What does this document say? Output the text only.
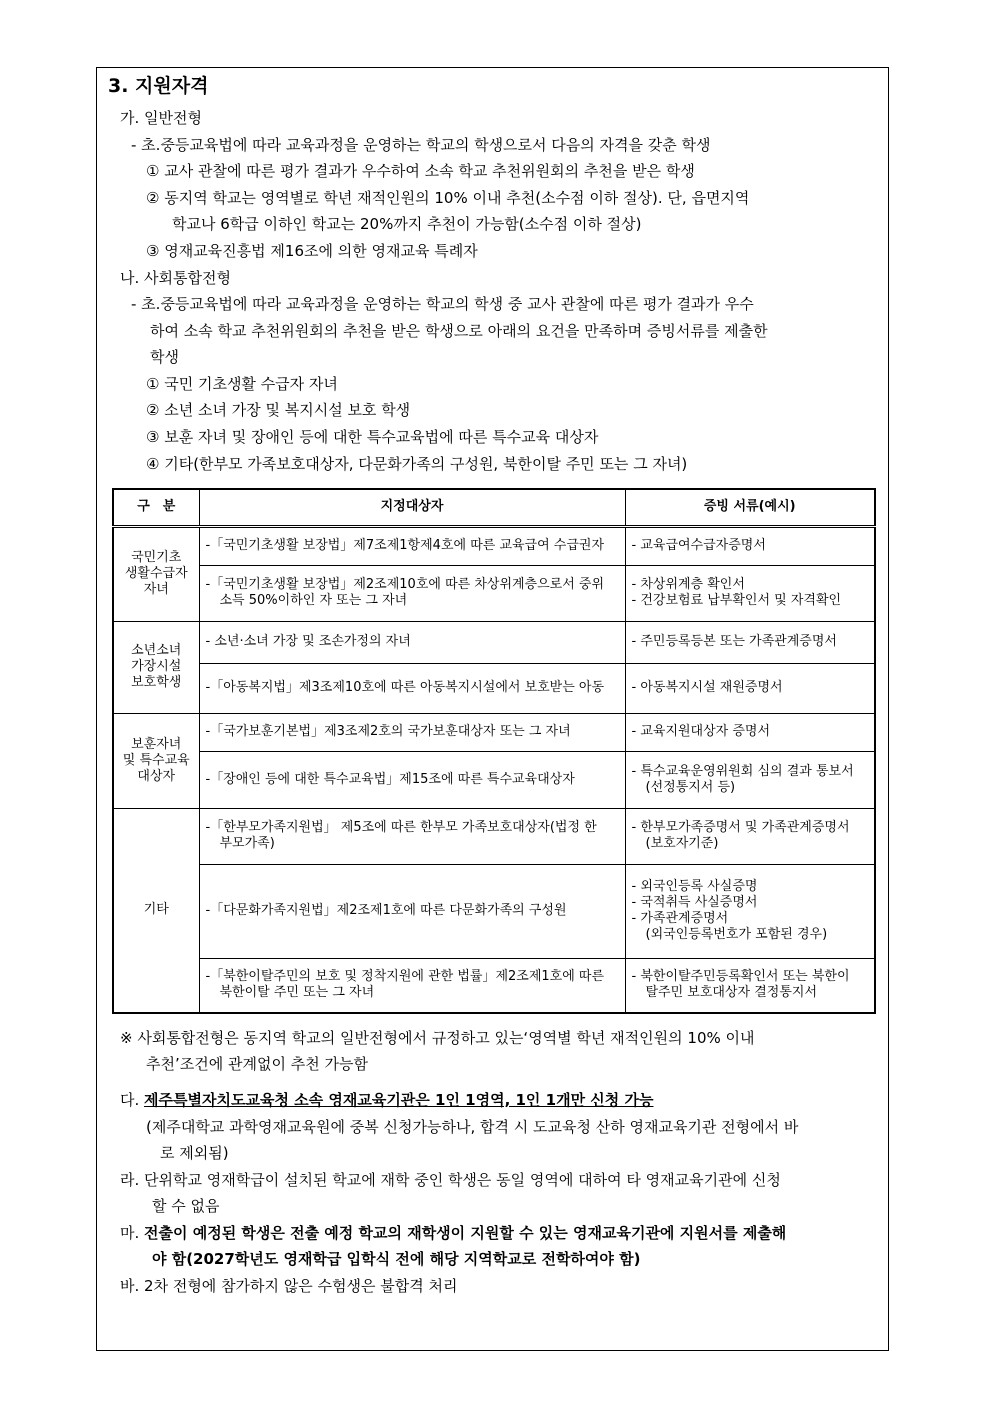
3. 지원자격
가. 일반전형
- 초.중등교육법에 따라 교육과정을 운영하는 학교의 학생으로서 다음의 자격을 갖춘 학생
① 교사 관찰에 따른 평가 결과가 우수하여 소속 학교 추천위원회의 추천을 받은 학생
② 동지역 학교는 영역별로 학년 재적인원의 10% 이내 추천(소수점 이하 절상). 단, 읍면지역
학교나 6학급 이하인 학교는 20%까지 추천이 가능함(소수점 이하 절상)
③ 영재교육진흥법 제16조에 의한 영재교육 특례자
나. 사회통합전형
- 초.중등교육법에 따라 교육과정을 운영하는 학교의 학생 중 교사 관찰에 따른 평가 결과가 우수
하여 소속 학교 추천위원회의 추천을 받은 학생으로 아래의 요건을 만족하며 증빙서류를 제출한
학생
① 국민 기초생활 수급자 자녀
② 소년 소녀 가장 및 복지시설 보호 학생
③ 보훈 자녀 및 장애인 등에 대한 특수교육법에 따른 특수교육 대상자
④ 기타(한부모 가족보호대상자, 다문화가족의 구성원, 북한이탈 주민 또는 그 자녀)
구　분	지정대상자	증빙 서류(예시)

국민기초
생활수급자
자녀	-「국민기초생활 보장법」제7조제1항제4호에 따른 교육급여 수급권자	- 교육급여수급자증명서

	-「국민기초생활 보장법」제2조제10호에 따른 차상위계층으로서 중위
소득 50%이하인 자 또는 그 자녀	- 차상위계층 확인서
- 건강보험료 납부확인서 및 자격확인

소년소녀
가장시설
보호학생	- 소년·소녀 가장 및 조손가정의 자녀	- 주민등록등본 또는 가족관계증명서

	-「아동복지법」제3조제10호에 따른 아동복지시설에서 보호받는 아동	- 아동복지시설 재원증명서

보훈자녀
및 특수교육
대상자	-「국가보훈기본법」제3조제2호의 국가보훈대상자 또는 그 자녀	- 교육지원대상자 증명서

	-「장애인 등에 대한 특수교육법」제15조에 따른 특수교육대상자	- 특수교육운영위원회 심의 결과 통보서
(선정통지서 등)

기타	-「한부모가족지원법」 제5조에 따른 한부모 가족보호대상자(법정 한
부모가족)	- 한부모가족증명서 및 가족관계증명서
(보호자기준)

	-「다문화가족지원법」제2조제1호에 따른 다문화가족의 구성원	- 외국인등록 사실증명
- 국적취득 사실증명서
- 가족관계증명서
(외국인등록번호가 포함된 경우)

	-「북한이탈주민의 보호 및 정착지원에 관한 법률」제2조제1호에 따른
북한이탈 주민 또는 그 자녀	- 북한이탈주민등록확인서 또는 북한이
탈주민 보호대상자 결정통지서
※ 사회통합전형은 동지역 학교의 일반전형에서 규정하고 있는‘영역별 학년 재적인원의 10% 이내
추천’조건에 관계없이 추천 가능함
다. 제주특별자치도교육청 소속 영재교육기관은 1인 1영역, 1인 1개만 신청 가능
(제주대학교 과학영재교육원에 중복 신청가능하나, 합격 시 도교육청 산하 영재교육기관 전형에서 바
로 제외됨)
라. 단위학교 영재학급이 설치된 학교에 재학 중인 학생은 동일 영역에 대하여 타 영재교육기관에 신청
할 수 없음
마. 전출이 예정된 학생은 전출 예정 학교의 재학생이 지원할 수 있는 영재교육기관에 지원서를 제출해
야 함(2027학년도 영재학급 입학식 전에 해당 지역학교로 전학하여야 함)
바. 2차 전형에 참가하지 않은 수험생은 불합격 처리
